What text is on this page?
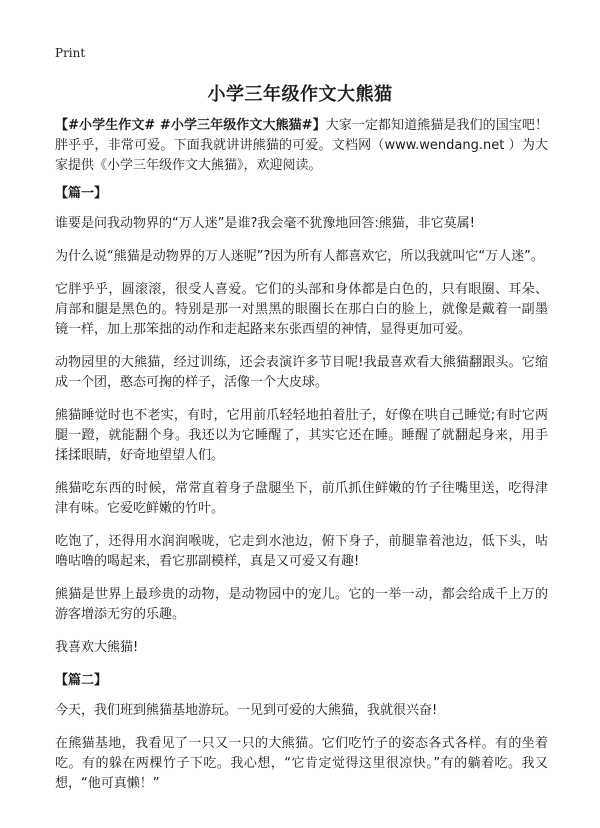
Print
小学三年级作文大熊猫

【#小学生作文# #小学三年级作文大熊猫#】大家一定都知道熊猫是我们的国宝吧！胖乎乎，非常可爱。下面我就讲讲熊猫的可爱。文档网（www.wendang.net ）为大家提供《小学三年级作文大熊猫》，欢迎阅读。

【篇一】

谁要是问我动物界的“万人迷”是谁?我会毫不犹豫地回答:熊猫，非它莫属!

为什么说“熊猫是动物界的万人迷呢”?因为所有人都喜欢它，所以我就叫它“万人迷”。

它胖乎乎，圆滚滚，很受人喜爱。它们的头部和身体都是白色的，只有眼圈、耳朵、肩部和腿是黑色的。特别是那一对黑黑的眼圈长在那白白的脸上，就像是戴着一副墨镜一样，加上那笨拙的动作和走起路来东张西望的神情，显得更加可爱。

动物园里的大熊猫，经过训练，还会表演许多节目呢!我最喜欢看大熊猫翻跟头。它缩成一个团，憨态可掬的样子，活像一个大皮球。

熊猫睡觉时也不老实，有时，它用前爪轻轻地拍着肚子，好像在哄自己睡觉;有时它两腿一蹬，就能翻个身。我还以为它睡醒了，其实它还在睡。睡醒了就翻起身来，用手揉揉眼睛，好奇地望望人们。

熊猫吃东西的时候，常常直着身子盘腿坐下，前爪抓住鲜嫩的竹子往嘴里送，吃得津津有味。它爱吃鲜嫩的竹叶。

吃饱了，还得用水润润喉咙，它走到水池边，俯下身子，前腿靠着池边，低下头，咕噜咕噜的喝起来，看它那副模样，真是又可爱又有趣!

熊猫是世界上最珍贵的动物，是动物园中的宠儿。它的一举一动，都会给成千上万的游客增添无穷的乐趣。

我喜欢大熊猫!

【篇二】

今天，我们班到熊猫基地游玩。一见到可爱的大熊猫，我就很兴奋!

在熊猫基地，我看见了一只又一只的大熊猫。它们吃竹子的姿态各式各样。有的坐着吃。有的躲在两棵竹子下吃。我心想，“它肯定觉得这里很凉快。”有的躺着吃。我又想，“他可真懒！”
